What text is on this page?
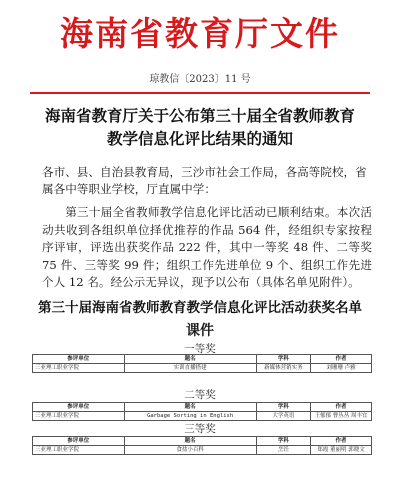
海南省教育厅文件
琼教信〔2023〕11 号
海南省教育厅关于公布第三十届全省教师教育
教学信息化评比结果的通知
各市、县、自治县教育局，三沙市社会工作局，各高等院校，省属各中等职业学校，厅直属中学：
第三十届全省教师教学信息化评比活动已顺利结束。本次活动共收到各组织单位择优推荐的作品 564 件，经组织专家按程序评审，评选出获奖作品 222 件，其中一等奖 48 件、二等奖 75 件、三等奖 99 件；组织工作先进单位 9 个、组织工作先进个人 12 名。经公示无异议，现予以公布（具体名单见附件）。
第三十届海南省教师教育教学信息化评比活动获奖名单
课件
一等奖
参评单位	题名	学科	作者
三亚理工职业学院	实训直播搭建	新媒体营销实务	刘珊珊 卢雅
二等奖
参评单位	题名	学科	作者
三亚理工职业学院	Garbage Sorting in English	大学英语	王郁郁 曹丛丛 周丰宜
三等奖
参评单位	题名	学科	作者
三亚理工职业学院	食盐小百科	烹饪	郑霞 董丽明 郭晓文
